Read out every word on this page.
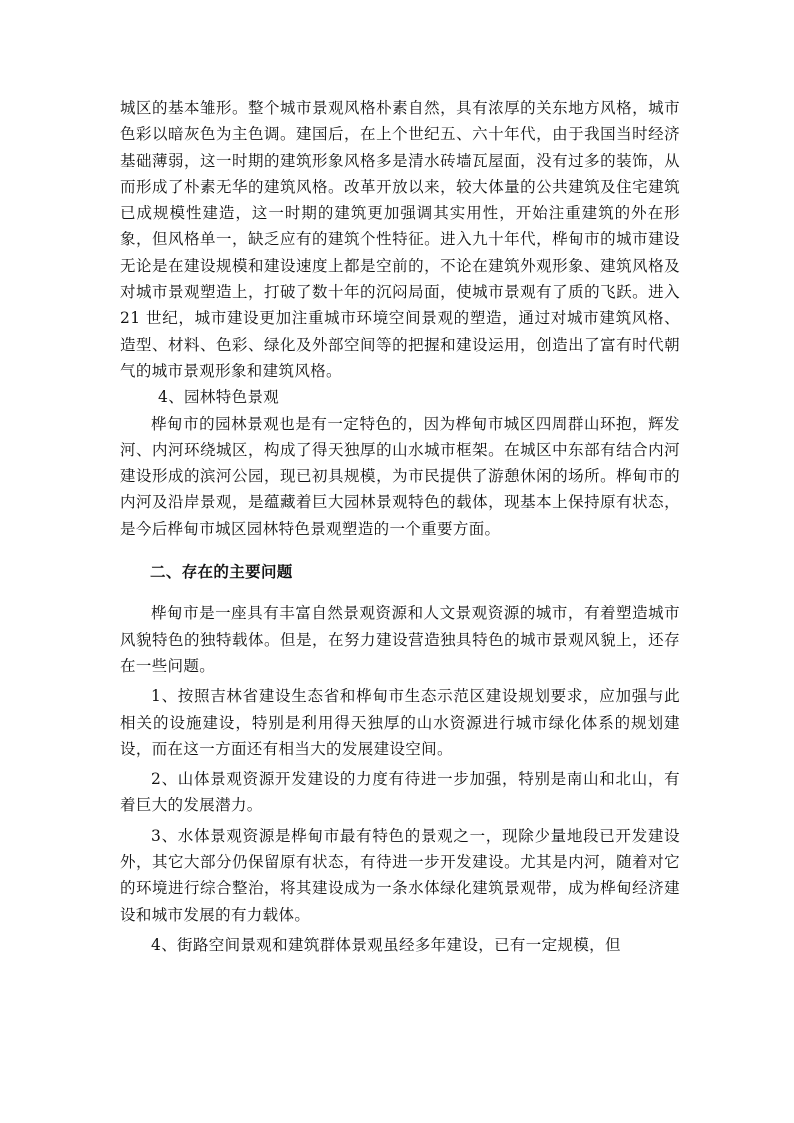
城区的基本雏形。整个城市景观风格朴素自然，具有浓厚的关东地方风格，城市色彩以暗灰色为主色调。建国后，在上个世纪五、六十年代，由于我国当时经济基础薄弱，这一时期的建筑形象风格多是清水砖墙瓦屋面，没有过多的装饰，从而形成了朴素无华的建筑风格。改革开放以来，较大体量的公共建筑及住宅建筑已成规模性建造，这一时期的建筑更加强调其实用性，开始注重建筑的外在形象，但风格单一，缺乏应有的建筑个性特征。进入九十年代，桦甸市的城市建设无论是在建设规模和建设速度上都是空前的，不论在建筑外观形象、建筑风格及对城市景观塑造上，打破了数十年的沉闷局面，使城市景观有了质的飞跃。进入 21 世纪，城市建设更加注重城市环境空间景观的塑造，通过对城市建筑风格、造型、材料、色彩、绿化及外部空间等的把握和建设运用，创造出了富有时代朝气的城市景观形象和建筑风格。

4、园林特色景观

桦甸市的园林景观也是有一定特色的，因为桦甸市城区四周群山环抱，辉发河、内河环绕城区，构成了得天独厚的山水城市框架。在城区中东部有结合内河建设形成的滨河公园，现已初具规模，为市民提供了游憩休闲的场所。桦甸市的内河及沿岸景观，是蕴藏着巨大园林景观特色的载体，现基本上保持原有状态，是今后桦甸市城区园林特色景观塑造的一个重要方面。

二、存在的主要问题

桦甸市是一座具有丰富自然景观资源和人文景观资源的城市，有着塑造城市风貌特色的独特载体。但是，在努力建设营造独具特色的城市景观风貌上，还存在一些问题。

1、按照吉林省建设生态省和桦甸市生态示范区建设规划要求，应加强与此相关的设施建设，特别是利用得天独厚的山水资源进行城市绿化体系的规划建设，而在这一方面还有相当大的发展建设空间。

2、山体景观资源开发建设的力度有待进一步加强，特别是南山和北山，有着巨大的发展潜力。

3、水体景观资源是桦甸市最有特色的景观之一，现除少量地段已开发建设外，其它大部分仍保留原有状态，有待进一步开发建设。尤其是内河，随着对它的环境进行综合整治，将其建设成为一条水体绿化建筑景观带，成为桦甸经济建设和城市发展的有力载体。

4、街路空间景观和建筑群体景观虽经多年建设，已有一定规模，但
